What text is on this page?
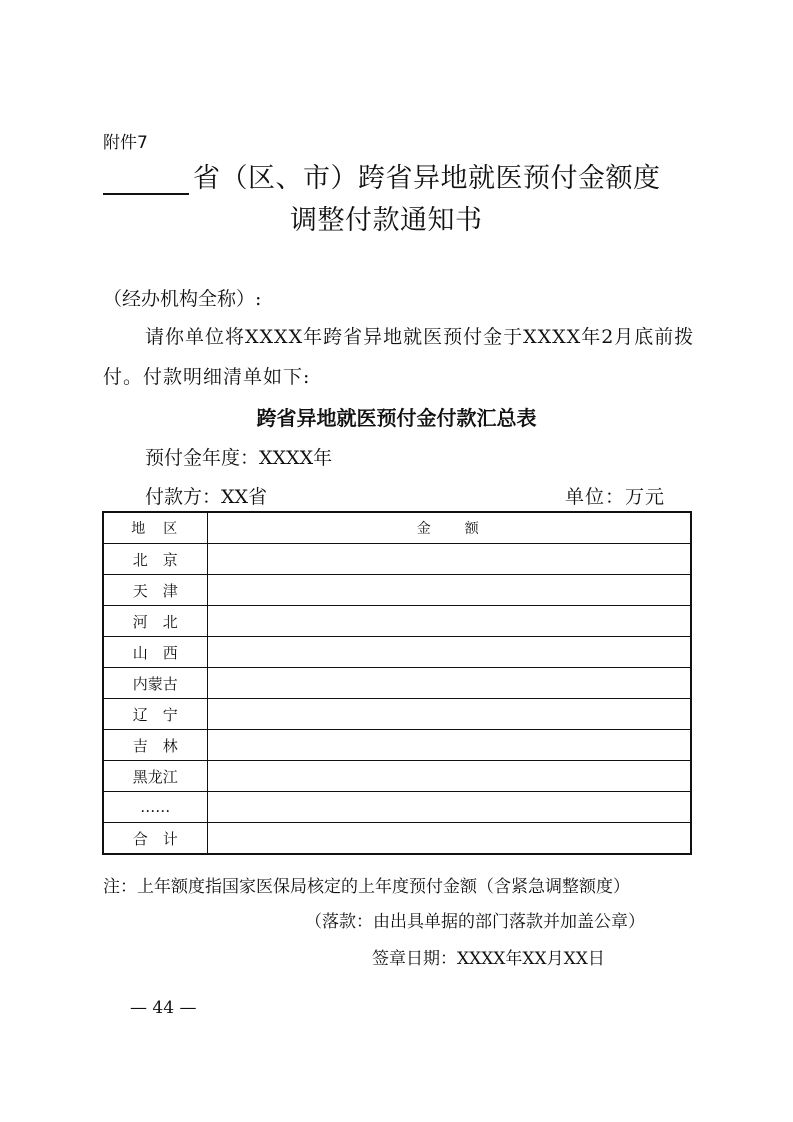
附件7
省（区、市）跨省异地就医预付金额度
调整付款通知书
（经办机构全称）:
请你单位将XXXX年跨省异地就医预付金于XXXX年2月底前拨
付。付款明细清单如下:
跨省异地就医预付金付款汇总表
预付金年度：XXXX年
付款方：XX省	单位：万元
地　区	金　　额
北　京	
天　津	
河　北	
山　西	
内蒙古	
辽　宁	
吉　林	
黑龙江	
……	
合　计	
注：上年额度指国家医保局核定的上年度预付金额（含紧急调整额度）
（落款：由出具单据的部门落款并加盖公章）
签章日期：XXXX年XX月XX日
— 44 —
